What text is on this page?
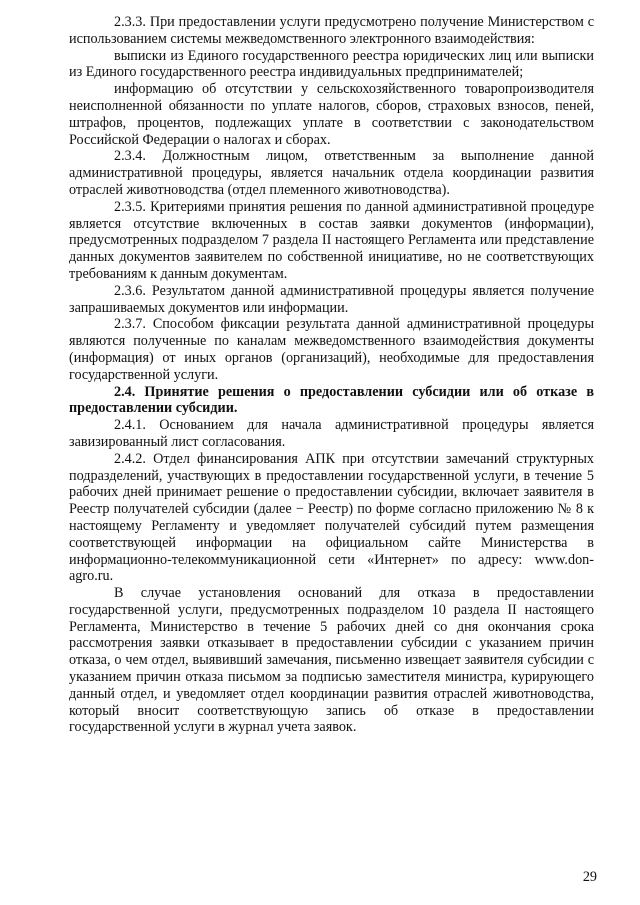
2.3.3. При предоставлении услуги предусмотрено получение Министерством с использованием системы межведомственного электронного взаимодействия:

выписки из Единого государственного реестра юридических лиц или выписки из Единого государственного реестра индивидуальных предпринимателей;

информацию об отсутствии у сельскохозяйственного товаропроизводителя неисполненной обязанности по уплате налогов, сборов, страховых взносов, пеней, штрафов, процентов, подлежащих уплате в соответствии с законодательством Российской Федерации о налогах и сборах.

2.3.4. Должностным лицом, ответственным за выполнение данной административной процедуры, является начальник отдела координации развития отраслей животноводства (отдел племенного животноводства).

2.3.5. Критериями принятия решения по данной административной процедуре является отсутствие включенных в состав заявки документов (информации), предусмотренных подразделом 7 раздела II настоящего Регламента или представление данных документов заявителем по собственной инициативе, но не соответствующих требованиям к данным документам.

2.3.6. Результатом данной административной процедуры является получение запрашиваемых документов или информации.

2.3.7. Способом фиксации результата данной административной процедуры являются полученные по каналам межведомственного взаимодействия документы (информация) от иных органов (организаций), необходимые для предоставления государственной услуги.

2.4. Принятие решения о предоставлении субсидии или об отказе в предоставлении субсидии.

2.4.1. Основанием для начала административной процедуры является завизированный лист согласования.

2.4.2. Отдел финансирования АПК при отсутствии замечаний структурных подразделений, участвующих в предоставлении государственной услуги, в течение 5 рабочих дней принимает решение о предоставлении субсидии, включает заявителя в Реестр получателей субсидии (далее − Реестр) по форме согласно приложению № 8 к настоящему Регламенту и уведомляет получателей субсидий путем размещения соответствующей информации на официальном сайте Министерства в информационно-телекоммуникационной сети «Интернет» по адресу: www.don-agro.ru.

В случае установления оснований для отказа в предоставлении государственной услуги, предусмотренных подразделом 10 раздела II настоящего Регламента, Министерство в течение 5 рабочих дней со дня окончания срока рассмотрения заявки отказывает в предоставлении субсидии с указанием причин отказа, о чем отдел, выявивший замечания, письменно извещает заявителя субсидии с указанием причин отказа письмом за подписью заместителя министра, курирующего данный отдел, и уведомляет отдел координации развития отраслей животноводства, который вносит соответствующую запись об отказе в предоставлении государственной услуги в журнал учета заявок.

29
